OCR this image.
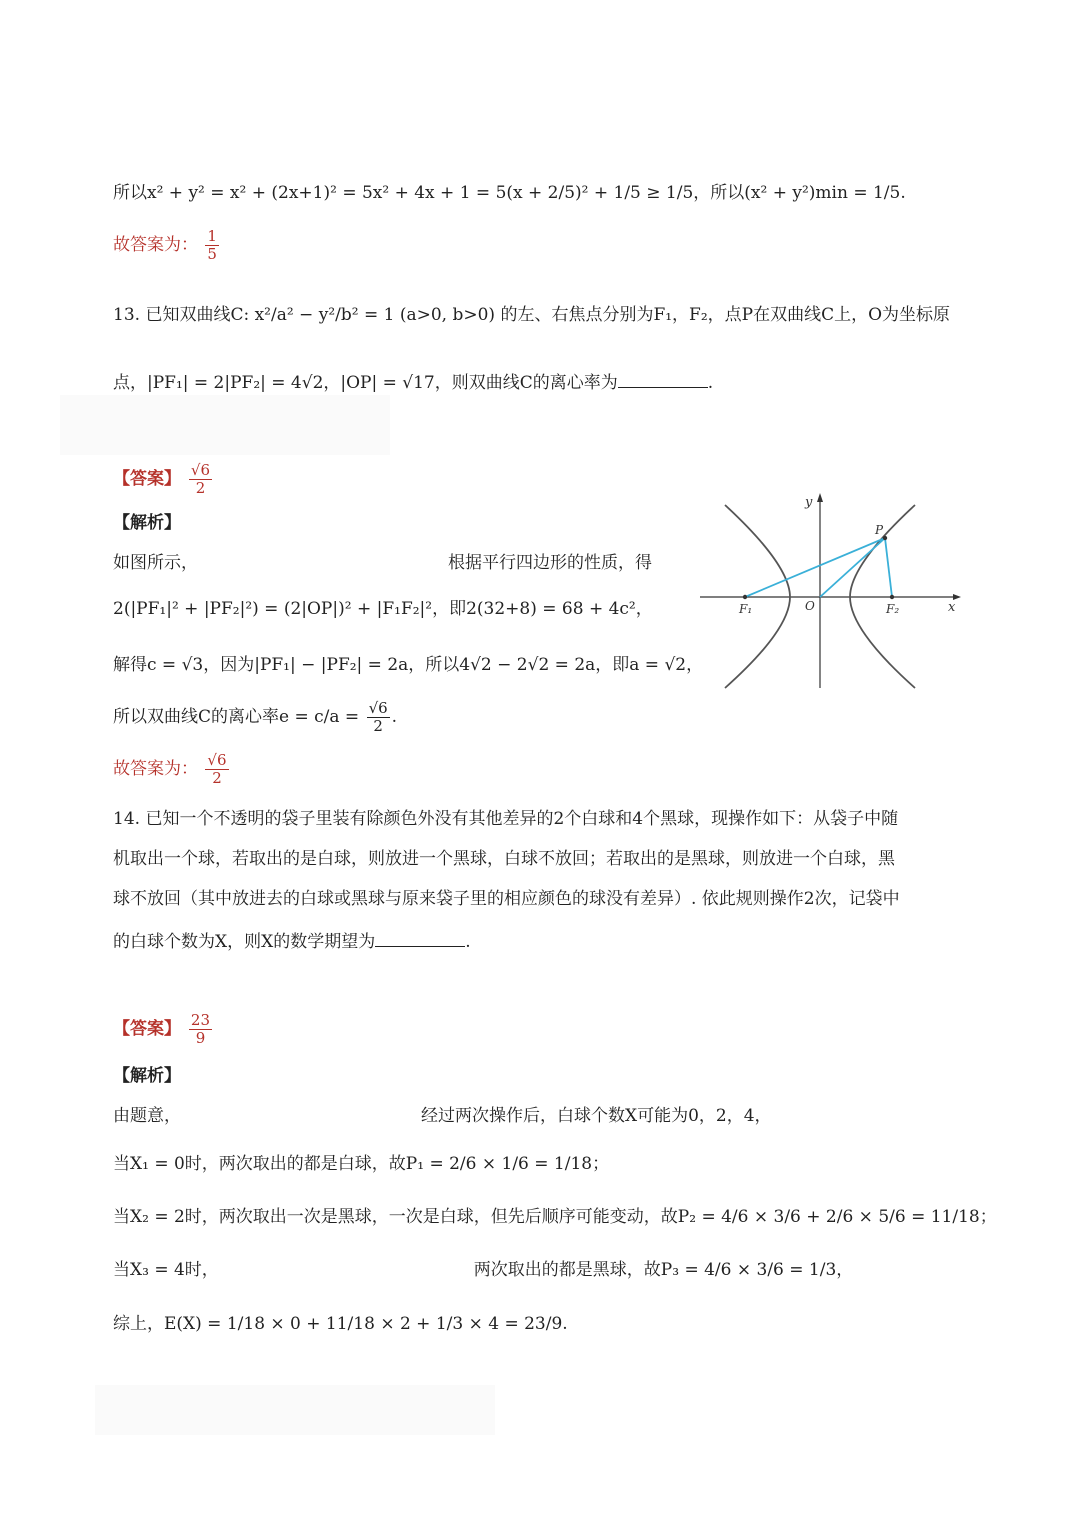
所以x² + y² = x² + (2x+1)² = 5x² + 4x + 1 = 5(x + 2/5)² + 1/5 ≥ 1/5，所以(x² + y²)min = 1/5.
故答案为： $\frac{1}{5}$
13. 已知双曲线C: x²/a² − y²/b² = 1 (a>0, b>0) 的左、右焦点分别为F₁，F₂，点P在双曲线C上，O为坐标原
点，|PF₁| = 2|PF₂| = 4√2，|OP| = √17，则双曲线C的离心率为	.
【答案】 $\frac{√6}{2}$
【解析】
如图所示，	根据平行四边形的性质，得
2(|PF₁|² + |PF₂|²) = (2|OP|)² + |F₁F₂|²，即2(32+8) = 68 + 4c²，
解得c = √3，因为|PF₁| − |PF₂| = 2a，所以4√2 − 2√2 = 2a，即a = √2，
所以双曲线C的离心率$e = c/a = \frac{√6}{2}$ .
故答案为： $\frac{√6}{2}$
y
x
P
F₁	O	F₂
14. 已知一个不透明的袋子里装有除颜色外没有其他差异的2个白球和4个黑球，现操作如下：从袋子中随
机取出一个球，若取出的是白球，则放进一个黑球，白球不放回；若取出的是黑球，则放进一个白球，黑
球不放回（其中放进去的白球或黑球与原来袋子里的相应颜色的球没有差异）. 依此规则操作2次，记袋中
的白球个数为X，则X的数学期望为	.
【答案】 $\frac{23}{9}$
【解析】
由题意，	经过两次操作后，白球个数X可能为0，2，4，
当X₁ = 0时，两次取出的都是白球，故P₁ = 2/6 × 1/6 = 1/18；
当X₂ = 2时，两次取出一次是黑球，一次是白球，但先后顺序可能变动，故P₂ = 4/6 × 3/6 + 2/6 × 5/6 = 11/18；
当X₃ = 4时，	两次取出的都是黑球，故P₃ = 4/6 × 3/6 = 1/3，
综上，E(X) = 1/18 × 0 + 11/18 × 2 + 1/3 × 4 = 23/9.
